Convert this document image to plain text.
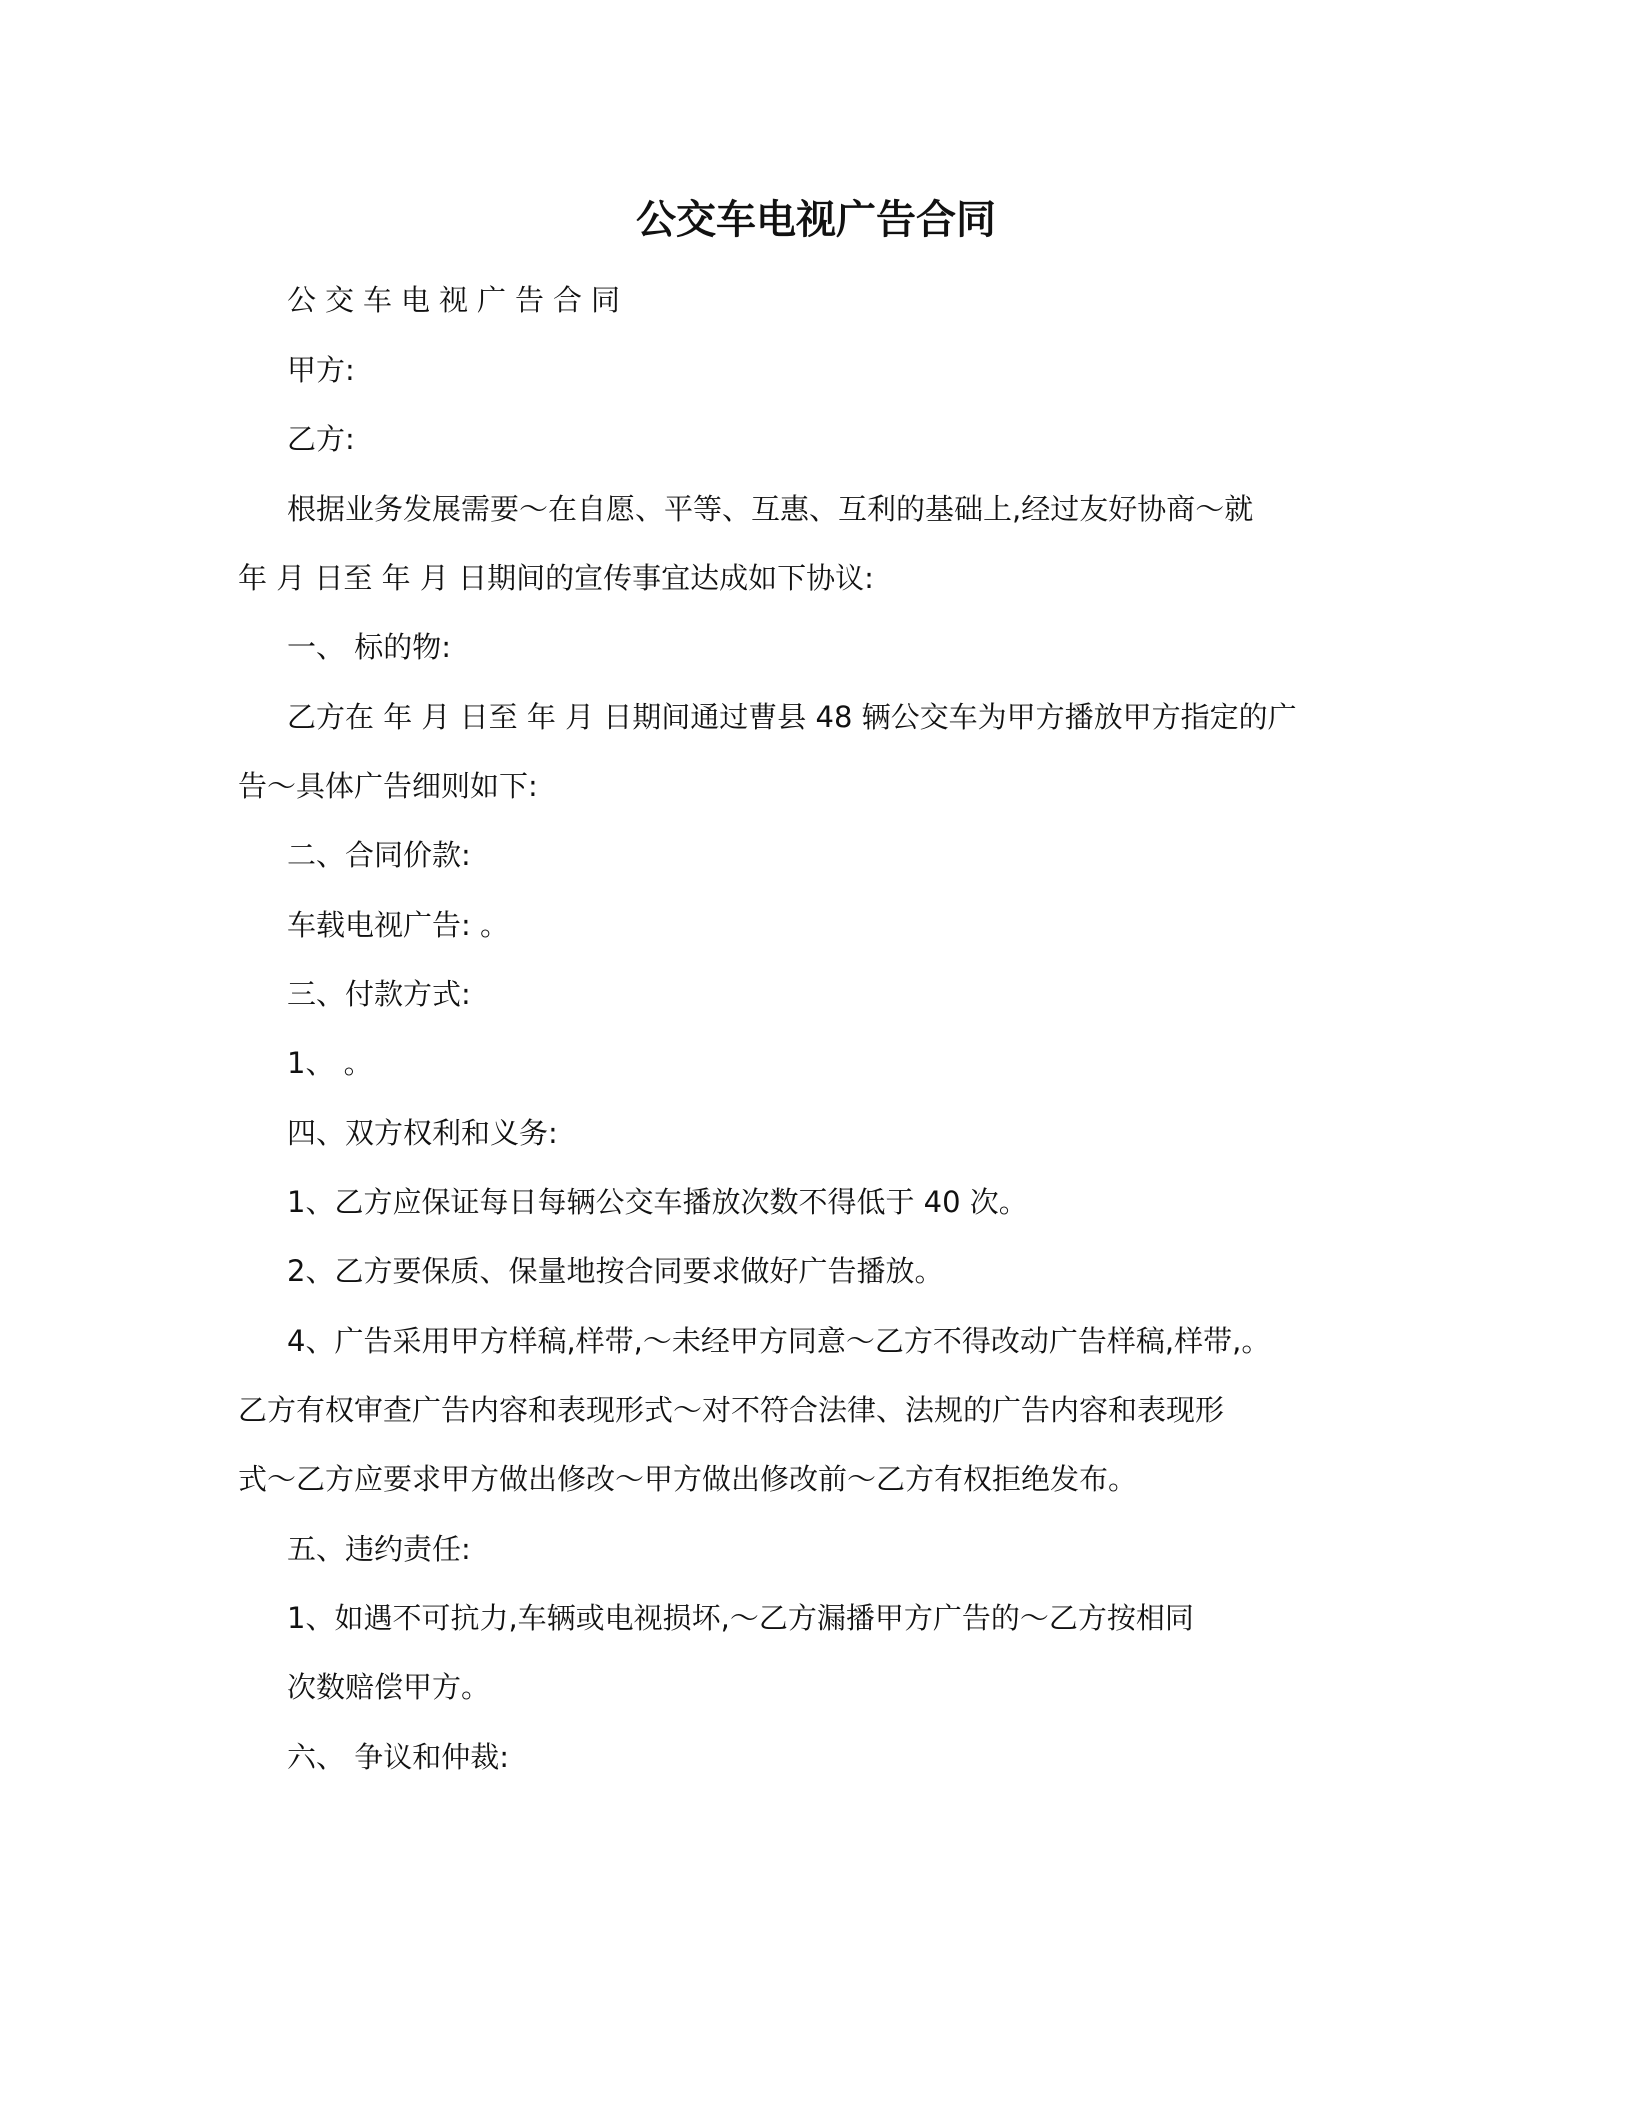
公交车电视广告合同

公交车电视广告合同

甲方:

乙方:

根据业务发展需要～在自愿、平等、互惠、互利的基础上,经过友好协商～就

年 月 日至 年 月 日期间的宣传事宜达成如下协议:

一、 标的物:

乙方在 年 月 日至 年 月 日期间通过曹县 48 辆公交车为甲方播放甲方指定的广

告～具体广告细则如下:

二、合同价款:

车载电视广告: 。

三、付款方式:

1、 。

四、双方权利和义务:

1、乙方应保证每日每辆公交车播放次数不得低于 40 次。

2、乙方要保质、保量地按合同要求做好广告播放。

4、广告采用甲方样稿,样带,～未经甲方同意～乙方不得改动广告样稿,样带,。

乙方有权审查广告内容和表现形式～对不符合法律、法规的广告内容和表现形

式～乙方应要求甲方做出修改～甲方做出修改前～乙方有权拒绝发布。

五、违约责任:

1、如遇不可抗力,车辆或电视损坏,～乙方漏播甲方广告的～乙方按相同

次数赔偿甲方。

六、 争议和仲裁:
